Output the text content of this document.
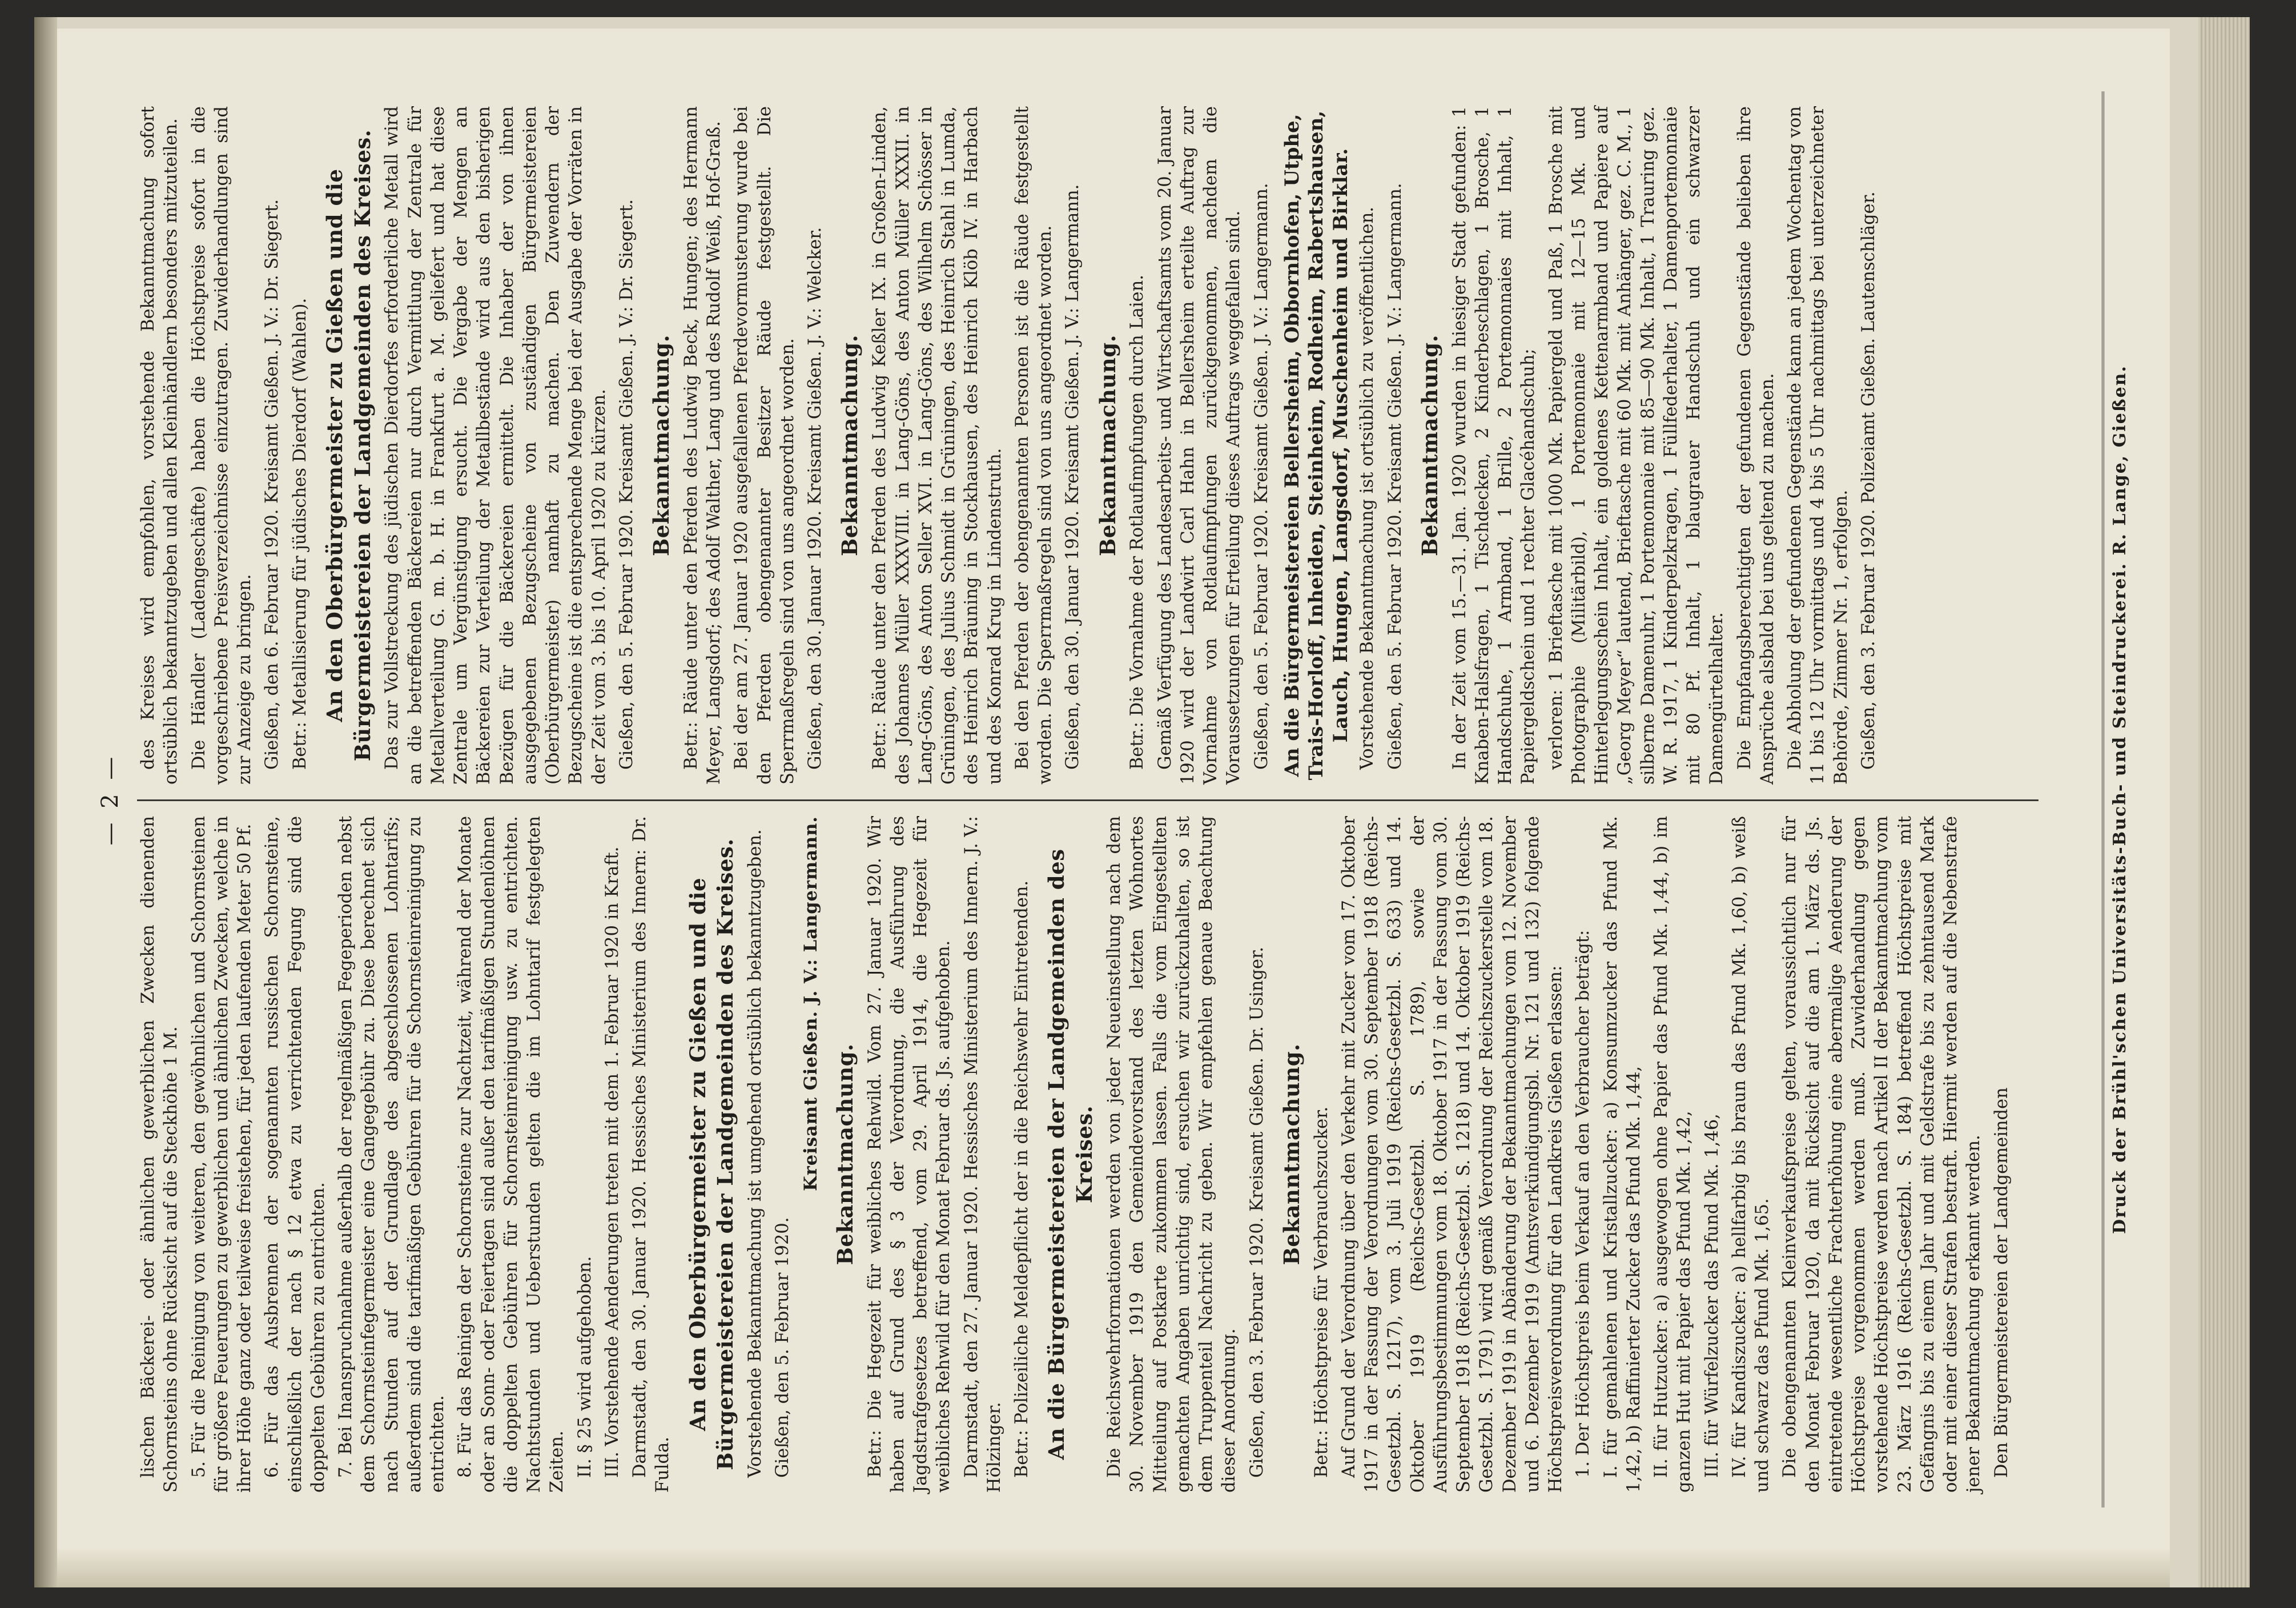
— 2 —

lischen Bäckerei- oder ähnlichen gewerblichen Zwecken dienenden Schornsteins ohne Rücksicht auf die Steckhöhe 1 M. 5. Für die Reinigung von weiteren, den gewöhnlichen und Schornsteinen für größere Feuerungen zu gewerblichen und ähnlichen Zwecken, welche in ihrer Höhe ganz oder teilweise freistehen, für jeden laufenden Meter 50 Pf. 6. Für das Ausbrennen der sogenannten russischen Schornsteine, einschließlich der nach § 12 etwa zu verrichtenden Fegung sind die doppelten Gebühren zu entrichten. 7. Bei Inanspruchnahme außerhalb der regelmäßigen Fegeperioden nebst dem Schornsteinfegermeister eine Gangegebühr zu. Diese berechnet sich nach Stunden auf der Grundlage des abgeschlossenen Lohntarifs; außerdem sind die tarifmäßigen Gebühren für die Schornsteinreinigung zu entrichten. 8. Für das Reinigen der Schornsteine zur Nachtzeit, während der Monate oder an Sonn- oder Feiertagen sind außer den tarifmäßigen Stundenlöhnen die doppelten Gebühren für Schornsteinreinigung usw. zu entrichten. Nachtstunden und Ueberstunden gelten die im Lohntarif festgelegten Zeiten. II. § 25 wird aufgehoben. III. Vorstehende Aenderungen treten mit dem 1. Februar 1920 in Kraft. Darmstadt, den 30. Januar 1920. Hessisches Ministerium des Innern: Dr. Fulda.

An den Oberbürgermeister zu Gießen und die Bürgermeistereien der Landgemeinden des Kreises. Vorstehende Bekanntmachung ist umgehend ortsüblich bekanntzugeben. Gießen, den 5. Februar 1920.

Kreisamt Gießen. J. V.: Langermann. Bekanntmachung. Betr.: Die Hegezeit für weibliches Rehwild. Vom 27. Januar 1920. Wir haben auf Grund des § 3 der Verordnung, die Ausführung des Jagdstrafgesetzes betreffend, vom 29. April 1914, die Hegezeit für weibliches Rehwild für den Monat Februar ds. Js. aufgehoben. Darmstadt, den 27. Januar 1920. Hessisches Ministerium des Innern. J. V.: Hölzinger. Betr.: Polizeiliche Meldepflicht der in die Reichswehr Eintretenden. An die Bürgermeistereien der Landgemeinden des Kreises. Die Reichswehrformationen werden von jeder Neueinstellung nach dem 30. November 1919 den Gemeindevorstand des letzten Wohnortes Mitteilung auf Postkarte zukommen lassen. Falls die vom Eingestellten gemachten Angaben unrichtig sind, ersuchen wir zurückzuhalten, so ist dem Truppenteil Nachricht zu geben. Wir empfehlen genaue Beachtung dieser Anordnung. Gießen, den 3. Februar 1920. Kreisamt Gießen. Dr. Usinger. Bekanntmachung. Betr.: Höchstpreise für Verbrauchszucker. Auf Grund der Verordnung über den Verkehr mit Zucker vom 17. Oktober 1917 in der Fassung der Verordnungen vom 30. September 1918 (Reichs-Gesetzbl. S. 1217), vom 3. Juli 1919 (Reichs-Gesetzbl. S. 633) und 14. Oktober 1919 (Reichs-Gesetzbl. S. 1789), sowie der Ausführungsbestimmungen vom 18. Oktober 1917 in der Fassung vom 30. September 1918 (Reichs-Gesetzbl. S. 1218) und 14. Oktober 1919 (Reichs-Gesetzbl. S. 1791) wird gemäß Verordnung der Reichszuckerstelle vom 18. Dezember 1919 in Abänderung der Bekanntmachungen vom 12. November und 6. Dezember 1919 (Amtsverkündigungsbl. Nr. 121 und 132) folgende Höchstpreisverordnung für den Landkreis Gießen erlassen: 1. Der Höchstpreis beim Verkauf an den Verbraucher beträgt: I. für gemahlenen und Kristallzucker: a) Konsumzucker das Pfund Mk. 1,42, b) Raffinierter Zucker das Pfund Mk. 1,44, II. für Hutzucker: a) ausgewogen ohne Papier das Pfund Mk. 1,44, b) im ganzen Hut mit Papier das Pfund Mk. 1,42, III. für Würfelzucker das Pfund Mk. 1,46, IV. für Kandiszucker: a) hellfarbig bis braun das Pfund Mk. 1,60, b) weiß und schwarz das Pfund Mk. 1,65. Die obengenannten Kleinverkaufspreise gelten, voraussichtlich nur für den Monat Februar 1920, da mit Rücksicht auf die am 1. März ds. Js. eintretende wesentliche Frachterhöhung eine abermalige Aenderung der Höchstpreise vorgenommen werden muß. Zuwiderhandlung gegen vorstehende Höchstpreise werden nach Artikel II der Bekanntmachung vom 23. März 1916 (Reichs-Gesetzbl. S. 184) betreffend Höchstpreise mit Gefängnis bis zu einem Jahr und mit Geldstrafe bis zu zehntausend Mark oder mit einer dieser Strafen bestraft. Hiermit werden auf die Nebenstrafe jener Bekanntmachung erkannt werden. Den Bürgermeistereien der Landgemeinden

des Kreises wird empfohlen, vorstehende Bekanntmachung sofort ortsüblich bekanntzugeben und allen Kleinhändlern besonders mitzuteilen. Die Händler (Ladengeschäfte) haben die Höchstpreise sofort in die vorgeschriebene Preisverzeichnisse einzutragen. Zuwiderhandlungen sind zur Anzeige zu bringen. Gießen, den 6. Februar 1920. Kreisamt Gießen. J. V.: Dr. Siegert. Betr.: Metallisierung für jüdisches Dierdorf (Wahlen). An den Oberbürgermeister zu Gießen und die Bürgermeistereien der Landgemeinden des Kreises. Das zur Vollstreckung des jüdischen Dierdorfes erforderliche Metall wird an die betreffenden Bäckereien nur durch Vermittlung der Zentrale für Metallverteilung G. m. b. H. in Frankfurt a. M. geliefert und hat diese Zentrale um Vergünstigung ersucht. Die Vergabe der Mengen an Bäckereien zur Verteilung der Metallbestände wird aus den bisherigen Bezügen für die Bäckereien ermittelt. Die Inhaber der von ihnen ausgegebenen Bezugscheine von zuständigen Bürgermeistereien (Oberbürgermeister) namhaft zu machen. Den Zuwendern der Bezugscheine ist die entsprechende Menge bei der Ausgabe der Vorräten in der Zeit vom 3. bis 10. April 1920 zu kürzen. Gießen, den 5. Februar 1920. Kreisamt Gießen. J. V.: Dr. Siegert. Bekanntmachung. Betr.: Räude unter den Pferden des Ludwig Beck, Hungen; des Hermann Meyer, Langsdorf; des Adolf Walther, Lang und des Rudolf Weiß, Hof-Graß. Bei der am 27. Januar 1920 ausgefallenen Pferdevormusterung wurde bei den Pferden obengenannter Besitzer Räude festgestellt. Die Sperrmaßregeln sind von uns angeordnet worden. Gießen, den 30. Januar 1920. Kreisamt Gießen. J. V.: Welcker. Bekanntmachung. Betr.: Räude unter den Pferden des Ludwig Keßler IX. in Großen-Linden, des Johannes Müller XXXVIII. in Lang-Göns, des Anton Müller XXXII. in Lang-Göns, des Anton Seller XVI. in Lang-Göns, des Wilhelm Schösser in Grüningen, des Julius Schmidt in Grüningen, des Heinrich Stahl in Lumda, des Heinrich Bräuning in Stockhausen, des Heinrich Klöb IV. in Harbach und des Konrad Krug in Lindenstruth. Bei den Pferden der obengenannten Personen ist die Räude festgestellt worden. Die Sperrmaßregeln sind von uns angeordnet worden. Gießen, den 30. Januar 1920. Kreisamt Gießen. J. V.: Langermann. Bekanntmachung. Betr.: Die Vornahme der Rotlaufimpfungen durch Laien. Gemäß Verfügung des Landesarbeits- und Wirtschaftsamts vom 20. Januar 1920 wird der Landwirt Carl Hahn in Bellersheim erteilte Auftrag zur Vornahme von Rotlaufimpfungen zurückgenommen, nachdem die Voraussetzungen für Erteilung dieses Auftrags weggefallen sind. Gießen, den 5. Februar 1920. Kreisamt Gießen. J. V.: Langermann. An die Bürgermeistereien Bellersheim, Obbornhofen, Utphe, Trais-Horloff, Inheiden, Steinheim, Rodheim, Rabertshausen, Lauch, Hungen, Langsdorf, Muschenheim und Birklar. Vorstehende Bekanntmachung ist ortsüblich zu veröffentlichen. Gießen, den 5. Februar 1920. Kreisamt Gießen. J. V.: Langermann. Bekanntmachung. In der Zeit vom 15.—31. Jan. 1920 wurden in hiesiger Stadt gefunden: 1 Knaben-Halsfragen, 1 Tischdecken, 2 Kinderbeschlagen, 1 Brosche, 1 Handschuhe, 1 Armband, 1 Brille, 2 Portemonnaies mit Inhalt, 1 Papiergeldschein und 1 rechter Glacéhandschuh; verloren: 1 Brieftasche mit 1000 Mk. Papiergeld und Paß, 1 Brosche mit Photographie (Militärbild), 1 Portemonnaie mit 12—15 Mk. und Hinterlegungsschein Inhalt, ein goldenes Kettenarmband und Papiere auf „Georg Meyer“ lautend, Brieftasche mit 60 Mk. mit Anhänger, gez. C. M., 1 silberne Damenuhr, 1 Portemonnaie mit 85—90 Mk. Inhalt, 1 Trauring gez. W. R. 1917, 1 Kinderpelzkragen, 1 Füllfederhalter, 1 Damenportemonnaie mit 80 Pf. Inhalt, 1 blaugrauer Handschuh und ein schwarzer Damengürtelhalter. Die Empfangsberechtigten der gefundenen Gegenstände belieben ihre Ansprüche alsbald bei uns geltend zu machen. Die Abholung der gefundenen Gegenstände kann an jedem Wochentag von 11 bis 12 Uhr vormittags und 4 bis 5 Uhr nachmittags bei unterzeichneter Behörde, Zimmer Nr. 1, erfolgen. Gießen, den 3. Februar 1920. Polizeiamt Gießen. Lautenschläger.	Druck der Brühl'schen Universitäts-Buch- und Steindruckerei. R. Lange, Gießen.
